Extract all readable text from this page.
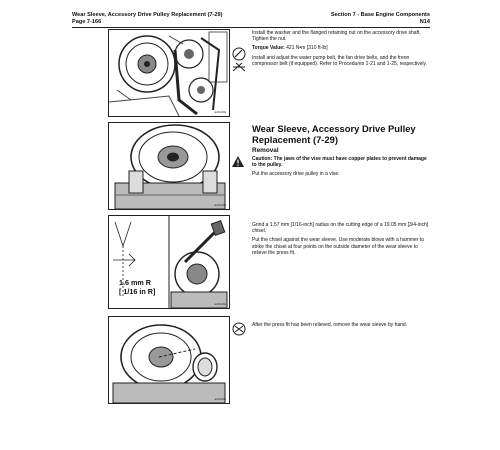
Wear Sleeve, Accessory Drive Pulley Replacement (7-29)
Page 7-166
Section 7 - Base Engine Components
N14
ad7e00s

Install the washer and the flanged retaining nut on the accessory drive shaft. Tighten the nut.

Torque Value: 421 N•m [310 ft-lb]

Install and adjust the water pump belt, the fan drive belts, and the freon compressor belt (if equipped). Refer to Procedures 1-21 and 1-25, respectively.

Wear Sleeve, Accessory Drive Pulley Replacement (7-29)
Removal

Caution: The jaws of the vise must have copper plates to prevent damage to the pulley.

Put the accessory drive pulley in a vise.

ad7e00s
1.6 mm R
[ 1/16 in R]
ad7e00s

Grind a 1.57 mm [1/16-inch] radius on the cutting edge of a 19.05 mm [3/4-inch] chisel.

Put the chisel against the wear sleeve. Use moderate blows with a hammer to strike the chisel at four points on the outside diameter of the wear sleeve to relieve the press fit.

ad7e00s

After the press fit has been relieved, remove the wear sleeve by hand.
